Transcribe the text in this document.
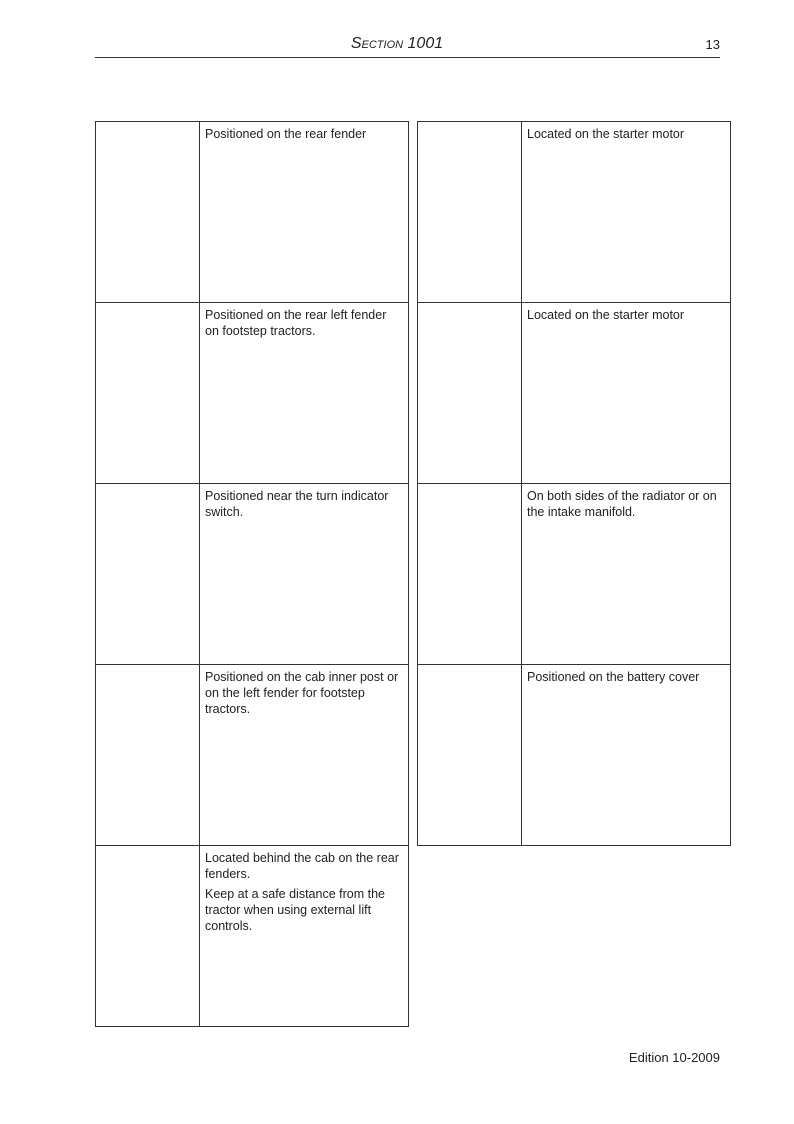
Section 1001	13

	Positioned on the rear fender

	Positioned on the rear left fender on footstep tractors.

	Positioned near the turn indicator switch.

	Positioned on the cab inner post or on the left fender for footstep tractors.

	Located behind the cab on the rear fenders.

Keep at a safe distance from the tractor when using external lift controls.

	Located on the starter motor

	Located on the starter motor

	On both sides of the radiator or on the intake manifold.

	Positioned on the battery cover

Edition 10-2009
